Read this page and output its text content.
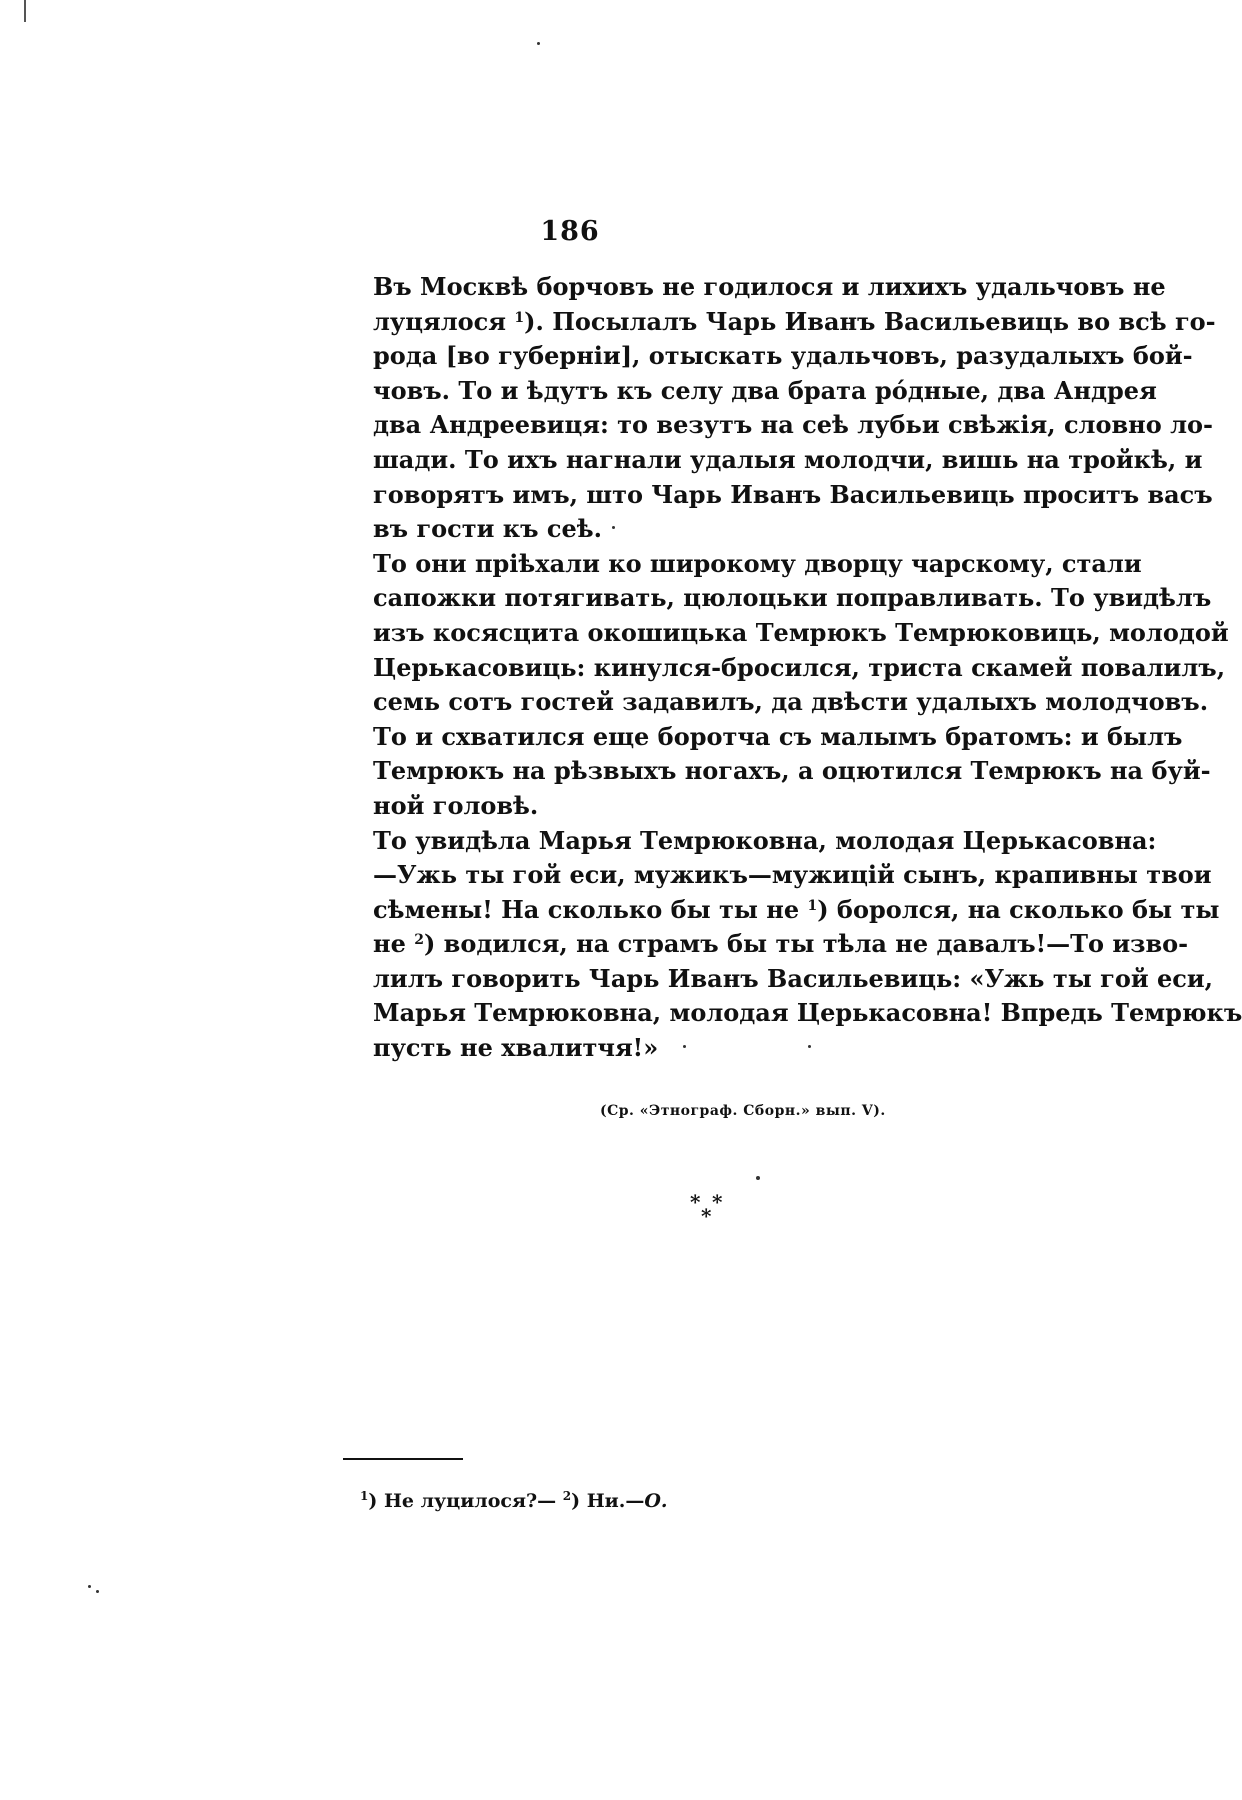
186

Въ Москвѣ борчовъ не годилося и лихихъ удальчовъ не
луцялося $^1$). Посылалъ Чарь Иванъ Васильевиць во всѣ го-
рода [во губерніи], отыскать удальчовъ, разудалыхъ бой-
човъ. То и ѣдутъ къ селу два брата рóдные, два Андрея
два Андреевиця: то везутъ на сеѣ лубьи свѣжія, словно ло-
шади. То ихъ нагнали удалыя молодчи, вишь на тройкѣ, и
говорятъ имъ, што Чарь Иванъ Васильевиць проситъ васъ
въ гости къ сеѣ.

То они пріѣхали ко широкому дворцу чарскому, стали
сапожки потягивать, цюлоцьки поправливать. То увидѣлъ
изъ косясцита окошицька Темрюкъ Темрюковиць, молодой
Церькасовиць: кинулся-бросился, триста скамей повалилъ,
семь сотъ гостей задавилъ, да двѣсти удалыхъ молодчовъ.
То и схватился еще боротча съ малымъ братомъ: и былъ
Темрюкъ на рѣзвыхъ ногахъ, а оцютился Темрюкъ на буй-
ной головѣ.

То увидѣла Марья Темрюковна, молодая Церькасовна:
—Ужь ты гой еси, мужикъ—мужицій сынъ, крапивны твои
сѣмены! На сколько бы ты не $^1$) боролся, на сколько бы ты
не $^2$) водился, на страмъ бы ты тѣла не давалъ!—То изво-
лилъ говорить Чарь Иванъ Васильевиць: «Ужь ты гой еси,
Марья Темрюковна, молодая Церькасовна! Впредь Темрюкъ
пусть не хвалитчя!»

(Ср. «Этнограф. Сборн.» вып. V).
* *
*
$^1$) Не луцилося?— $^2$) Ни.—О.
